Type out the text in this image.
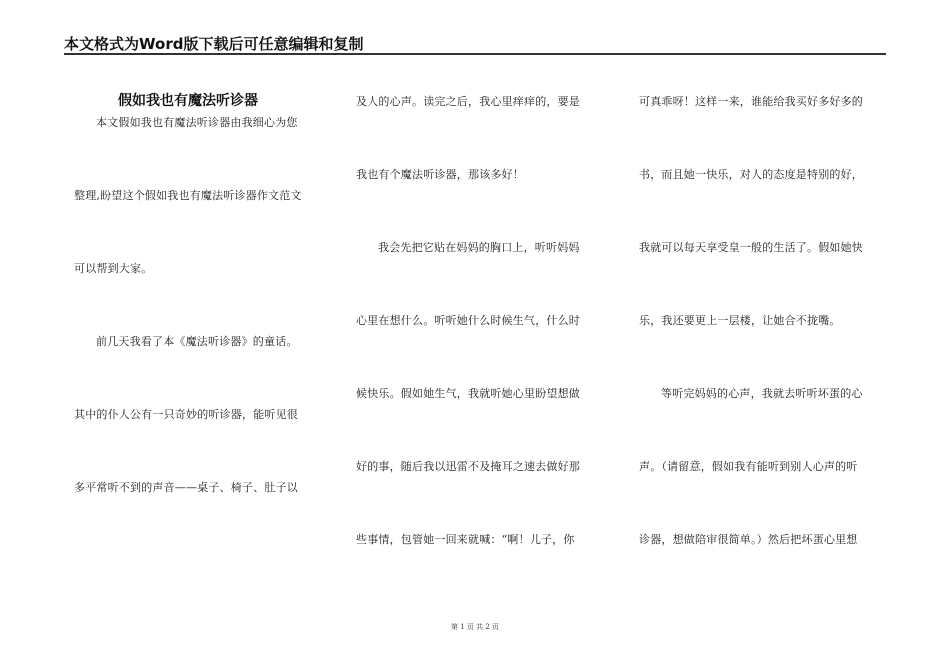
本文格式为Word版下载后可任意编辑和复制
假如我也有魔法听诊器
本文假如我也有魔法听诊器由我细心为您
整理,盼望这个假如我也有魔法听诊器作文范文
可以帮到大家。
前几天我看了本《魔法听诊器》的童话。
其中的仆人公有一只奇妙的听诊器，能听见很
多平常听不到的声音——桌子、椅子、肚子以
及人的心声。读完之后，我心里痒痒的，要是
我也有个魔法听诊器，那该多好！
我会先把它贴在妈妈的胸口上，听听妈妈
心里在想什么。听听她什么时候生气，什么时
候快乐。假如她生气，我就听她心里盼望想做
好的事，随后我以迅雷不及掩耳之速去做好那
些事情，包管她一回来就喊：“啊！儿子，你
可真乖呀！这样一来，谁能给我买好多好多的
书，而且她一快乐，对人的态度是特别的好，
我就可以每天享受皇一般的生活了。假如她快
乐，我还要更上一层楼，让她合不拢嘴。
等听完妈妈的心声，我就去听听坏蛋的心
声。（请留意，假如我有能听到别人心声的听
诊器，想做陪审很简单。）然后把坏蛋心里想
第 1 页 共 2 页
